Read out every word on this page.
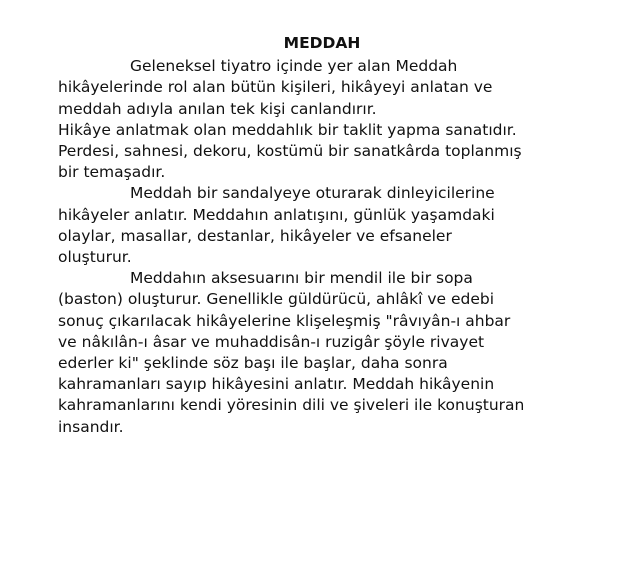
MEDDAH

Geleneksel tiyatro içinde yer alan Meddah
hikâyelerinde rol alan bütün kişileri, hikâyeyi anlatan ve
meddah adıyla anılan tek kişi canlandırır.

Hikâye anlatmak olan meddahlık bir taklit yapma sanatıdır.
Perdesi, sahnesi, dekoru, kostümü bir sanatkârda toplanmış
bir temaşadır.

Meddah bir sandalyeye oturarak dinleyicilerine
hikâyeler anlatır. Meddahın anlatışını, günlük yaşamdaki
olaylar, masallar, destanlar, hikâyeler ve efsaneler
oluşturur.

Meddahın aksesuarını bir mendil ile bir sopa
(baston) oluşturur. Genellikle güldürücü, ahlâkî ve edebi
sonuç çıkarılacak hikâyelerine klişeleşmiş "râvıyân-ı ahbar
ve nâkılân-ı âsar ve muhaddisân-ı ruzigâr şöyle rivayet
ederler ki" şeklinde söz başı ile başlar, daha sonra
kahramanları sayıp hikâyesini anlatır. Meddah hikâyenin
kahramanlarını kendi yöresinin dili ve şiveleri ile konuşturan
insandır.
